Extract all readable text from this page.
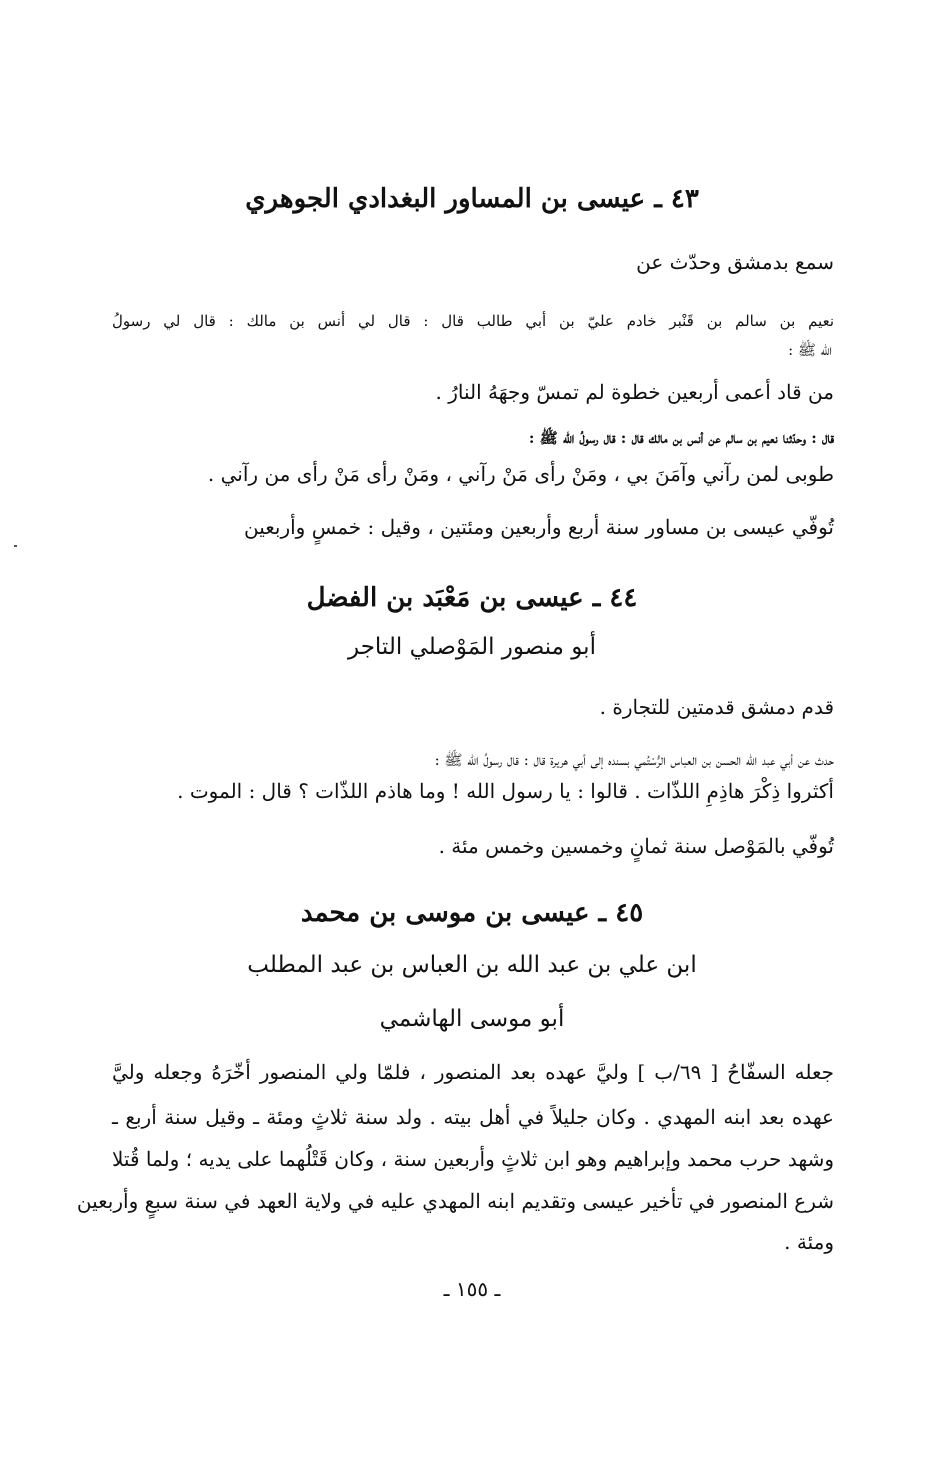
٤٣ ـ عيسى بن المساور البغدادي الجوهري
سمع بدمشق وحدّث عن
نعيم بن سالم بن قَنْبر خادم عليّ بن أبي طالب قال : قال لي أنس بن مالك : قال لي رسولُ
الله ﷺ :
من قاد أعمى أربعين خطوة لم تمسّ وجهَهُ النارُ .
قال : وحدّثنا نعيم بن سالم عن أنس بن مالك قال : قال رسولُ الله ﷺ :
طوبى لمن رآني وآمَنَ بي ، ومَنْ رأى مَنْ رآني ، ومَنْ رأى مَنْ رأى من رآني .
تُوفّي عيسى بن مساور سنة أربع وأربعين ومئتين ، وقيل : خمسٍ وأربعين
٤٤ ـ عيسى بن مَعْبَد بن الفضل
أبو منصور المَوْصلي التاجر
قدم دمشق قدمتين للتجارة .
حدث عن أبي عبد الله الحسن بن العباس الرُّسْتُمي بسنده إلى أبي هريرة قال : قال رسولُ الله ﷺ :
أكثروا ذِكْرَ هاذِمِ اللذّات . قالوا : يا رسول الله ! وما هاذم اللذّات ؟ قال : الموت .
تُوفّي بالمَوْصل سنة ثمانٍ وخمسين وخمس مئة .
٤٥ ـ عيسى بن موسى بن محمد
ابن علي بن عبد الله بن العباس بن عبد المطلب
أبو موسى الهاشمي
جعله السفّاحُ [ ٦٩/ب ] وليَّ عهده بعد المنصور ، فلمّا ولي المنصور أخّرَهُ وجعله وليَّ
عهده بعد ابنه المهدي . وكان جليلاً في أهل بيته . ولد سنة ثلاثٍ ومئة ـ وقيل سنة أربع ـ
وشهد حرب محمد وإبراهيم وهو ابن ثلاثٍ وأربعين سنة ، وكان قَتْلُهما على يديه ؛ ولما قُتلا
شرع المنصور في تأخير عيسى وتقديم ابنه المهدي عليه في ولاية العهد في سنة سبعٍ وأربعين
ومئة .
ـ ١٥٥ ـ
